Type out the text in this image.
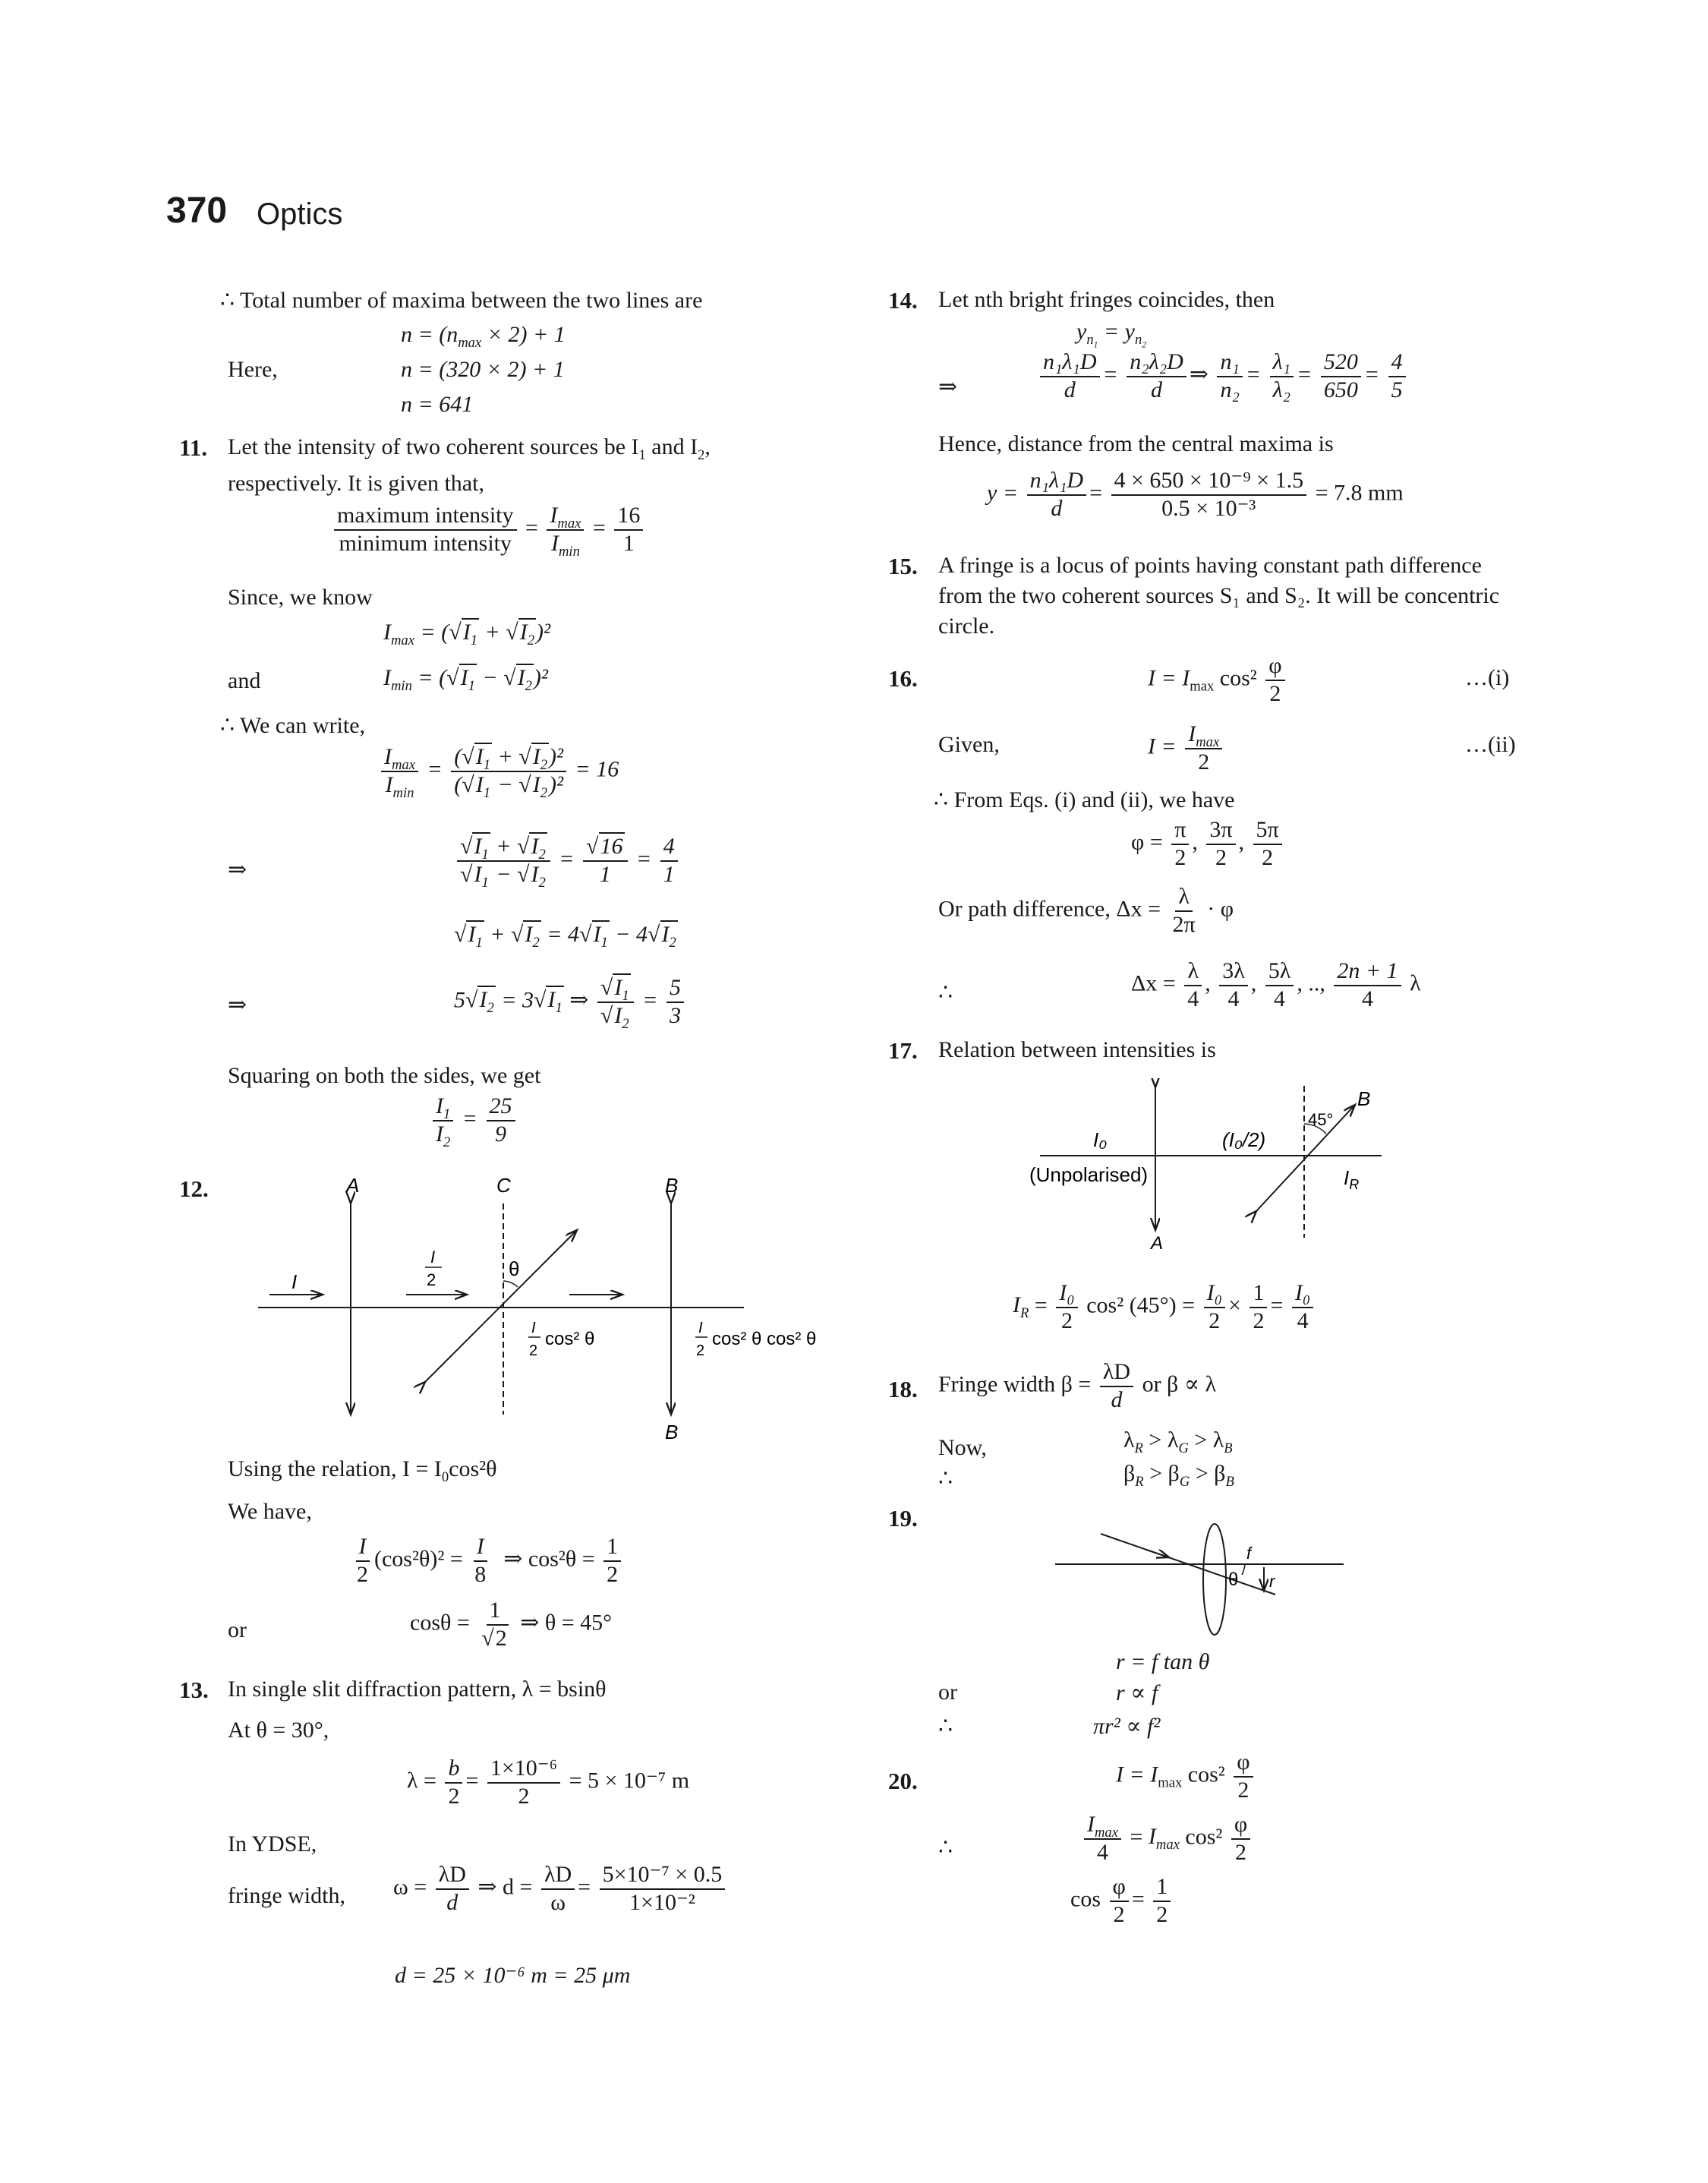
370 Optics
∴ Total number of maxima between the two lines are
$n = (n_{max} \times 2) + 1$
Here,	n = (320 × 2) + 1
n = 641
11. Let the intensity of two coherent sources be $I_1$ and $I_2$,
respectively. It is given that,
$\frac{\text{maximum intensity}}{\text{minimum intensity}} = \frac{I_{max}}{I_{min}} = \frac{16}{1}$
Since, we know
$I_{max} = (√I_1 + √I_2)^2$
and	$I_{min} = (√I_1 - √I_2)^2$
∴ We can write,
$\frac{I_{max}}{I_{min}} = \frac{(√I_1 + √I_2)^2}{(√I_1 - √I_2)^2} = 16$
⇒	$\frac{√I_1 + √I_2}{√I_1 - √I_2} = \frac{√16}{1} = \frac{4}{1}$
$√I_1 + √I_2 = 4√I_1 - 4√I_2$
⇒	$5√I_2 = 3√I_1$ ⇒ $\frac{√I_1}{√I_2} = \frac{5}{3}$
Squaring on both the sides, we get
$\frac{I_1}{I_2} = \frac{25}{9}$
12.	A	C	B
I
I
2	θ
I
2
cos² θ
I
2
cos² θ cos² θ
B
Using the relation, $I = I_0\cos^2\theta$
We have,
$\frac{I}{2} (\cos^2\theta)^2 = \frac{I}{8}$ ⇒ $\cos^2\theta = \frac{1}{2}$
or	$\cos\theta = \frac{1}{√2}$ ⇒ θ = 45°
13. In single slit diffraction pattern, λ = bsinθ
At θ = 30°,
$\lambda = \frac{b}{2} = \frac{\text{1×10⁻⁶}}{2} = 5 \times 10^{-7}$ m
In YDSE,
fringe width, $\omega = \frac{\lambda D}{d}$ ⇒ $d = \frac{\lambda D}{\omega} = \frac{\text{5×10⁻⁷ × 0.5}}{\text{1×10⁻²}}$
d = 25 × 10⁻⁶ m = 25 μm
14. Let nth bright fringes coincides, then
$y_{n_1} = y_{n_2}$
⇒	$\frac{\text{n₁λ₁D}}{d} = \frac{\text{n₂λ₂D}}{d}$ ⇒ $\frac{\text{n₁}}{\text{n₂}} = \frac{\text{λ₁}}{\text{λ₂}} = \frac{520}{650} = \frac{4}{5}$
Hence, distance from the central maxima is
$y = \frac{\text{n₁λ₁D}}{d} = \frac{\text{4 × 650 × 10⁻⁹ × 1.5}}{\text{0.5 × 10⁻³}} = 7.8$ mm
15. A fringe is a locus of points having constant path difference
from the two coherent sources S₁ and S₂. It will be concentric
circle.
16.	$I = I_{max}$ $\cos^2 \frac{\varphi}{2}$	…(i)
Given,	$I = \frac{I_{max}}{2}$	…(ii)
∴ From Eqs. (i) and (ii), we have
$\varphi = \frac{\pi}{2}$ , $\frac{3\pi}{2}$ , $\frac{5\pi}{2}$
Or path difference, $\Delta x = \frac{\lambda}{2\pi} \cdot \varphi$
∴	$\Delta x = \frac{\lambda}{4}$ , $\frac{3\lambda}{4}$ , $\frac{5\lambda}{4}$ , .., $\frac{2n + 1}{4}$ λ
17. Relation between intensities is
I₀
(Unpolarised)
(I₀/2)
45°
B
$I_R$
A
$I_R = \frac{\text{I₀}}{2} \cos^2$ $(45^\circ) = \frac{\text{I₀}}{2} \times \frac{1}{2} = \frac{\text{I₀}}{4}$
18. Fringe width $\beta = \frac{\lambda D}{d}$ or β ∝ λ
Now,	$\lambda_R > \lambda_G > \lambda_B$
∴	$\beta_R > \beta_G > \beta_B$
19.
f
θ r
r = f tan θ
or	r ∝ f
∴	πr² ∝ f²
20.	$I = I_{max}$ $\cos^2 \frac{\varphi}{2}$
∴	$\frac{I_{max}}{4} = I_{max}$ $\cos^2 \frac{\varphi}{2}$
$\cos \frac{\varphi}{2} = \frac{1}{2}$
